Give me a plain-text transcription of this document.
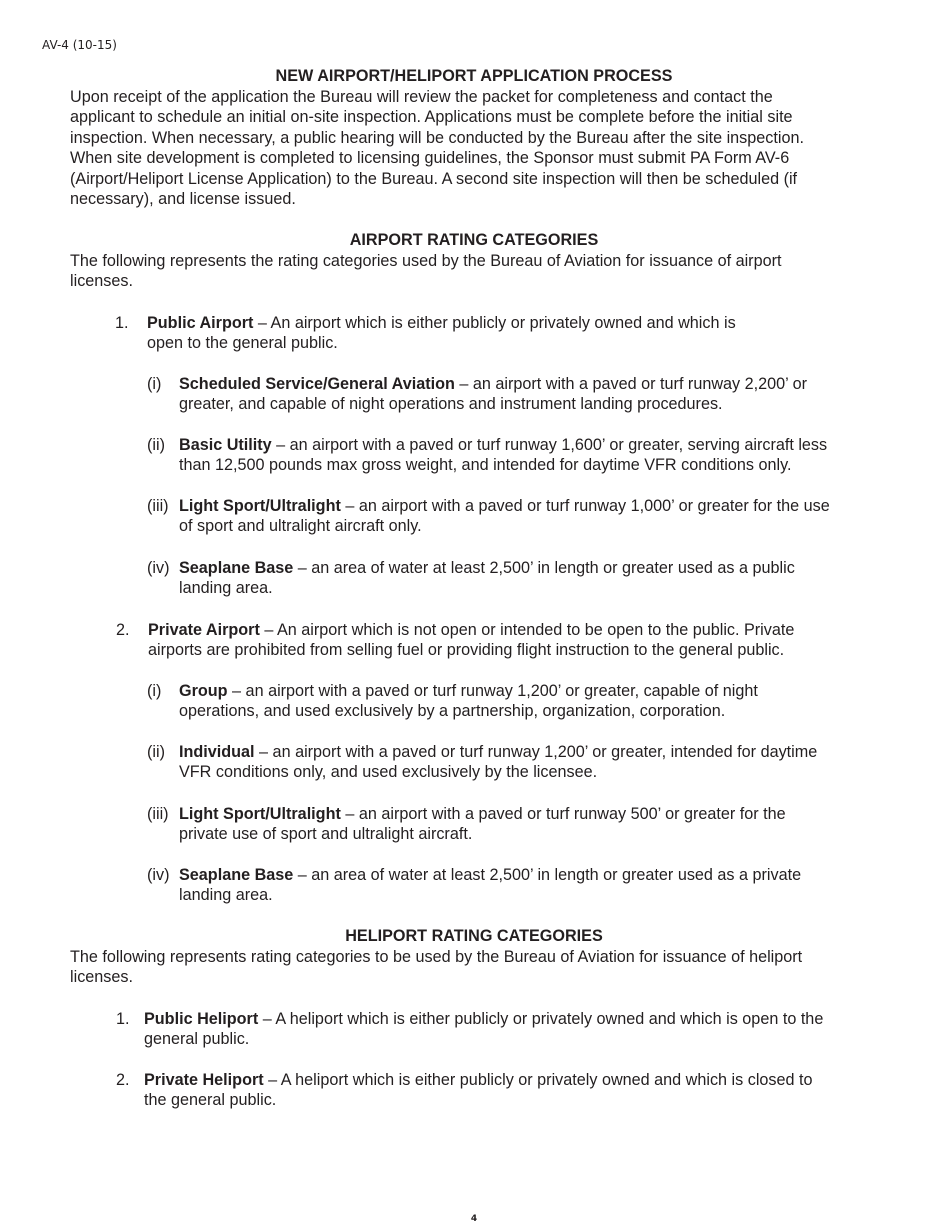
AV-4 (10-15)
NEW AIRPORT/HELIPORT APPLICATION PROCESS
Upon receipt of the application the Bureau will review the packet for completeness and contact the
applicant to schedule an initial on-site inspection. Applications must be complete before the initial site
inspection. When necessary, a public hearing will be conducted by the Bureau after the site inspection.
When site development is completed to licensing guidelines, the Sponsor must submit PA Form AV-6
(Airport/Heliport License Application) to the Bureau. A second site inspection will then be scheduled (if
necessary), and license issued.
AIRPORT RATING CATEGORIES
The following represents the rating categories used by the Bureau of Aviation for issuance of airport
licenses.
1. Public Airport – An airport which is either publicly or privately owned and which is
open to the general public.
(i) Scheduled Service/General Aviation – an airport with a paved or turf runway 2,200’ or
greater, and capable of night operations and instrument landing procedures.
(ii) Basic Utility – an airport with a paved or turf runway 1,600’ or greater, serving aircraft less
than 12,500 pounds max gross weight, and intended for daytime VFR conditions only.
(iii) Light Sport/Ultralight – an airport with a paved or turf runway 1,000’ or greater for the use
of sport and ultralight aircraft only.
(iv) Seaplane Base – an area of water at least 2,500’ in length or greater used as a public
landing area.
2. Private Airport – An airport which is not open or intended to be open to the public. Private
airports are prohibited from selling fuel or providing flight instruction to the general public.
(i) Group – an airport with a paved or turf runway 1,200’ or greater, capable of night
operations, and used exclusively by a partnership, organization, corporation.
(ii) Individual – an airport with a paved or turf runway 1,200’ or greater, intended for daytime
VFR conditions only, and used exclusively by the licensee.
(iii) Light Sport/Ultralight – an airport with a paved or turf runway 500’ or greater for the
private use of sport and ultralight aircraft.
(iv) Seaplane Base – an area of water at least 2,500’ in length or greater used as a private
landing area.
HELIPORT RATING CATEGORIES
The following represents rating categories to be used by the Bureau of Aviation for issuance of heliport
licenses.
1. Public Heliport – A heliport which is either publicly or privately owned and which is open to the
general public.
2. Private Heliport – A heliport which is either publicly or privately owned and which is closed to
the general public.
4
